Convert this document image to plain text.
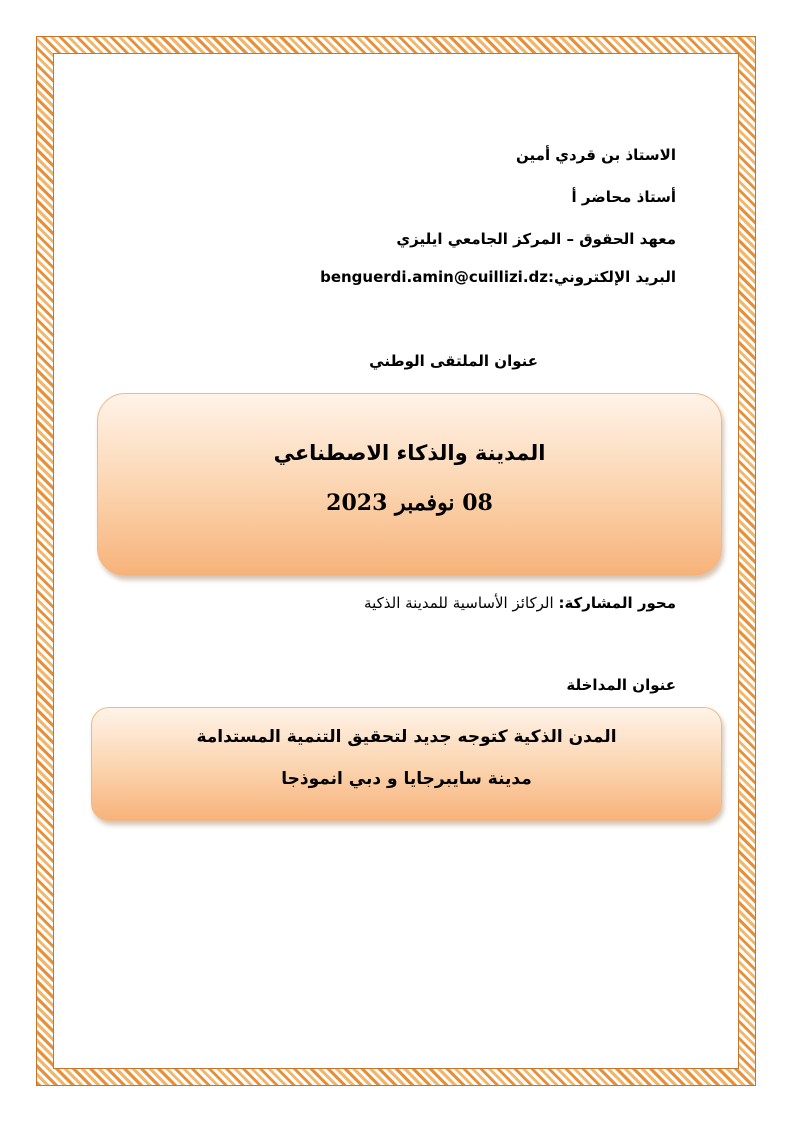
الاستاذ بن قردي أمين
أستاذ محاضر أ
معهد الحقوق – المركز الجامعي ايليزي
البريد الإلكتروني:benguerdi.amin@cuillizi.dz
عنوان الملتقى الوطني
المدينة والذكاء الاصطناعي
08 نوفمبر 2023
محور المشاركة: الركائز الأساسية للمدينة الذكية
عنوان المداخلة
المدن الذكية كتوجه جديد لتحقيق التنمية المستدامة
مدينة سايبرجايا و دبي انموذجا
